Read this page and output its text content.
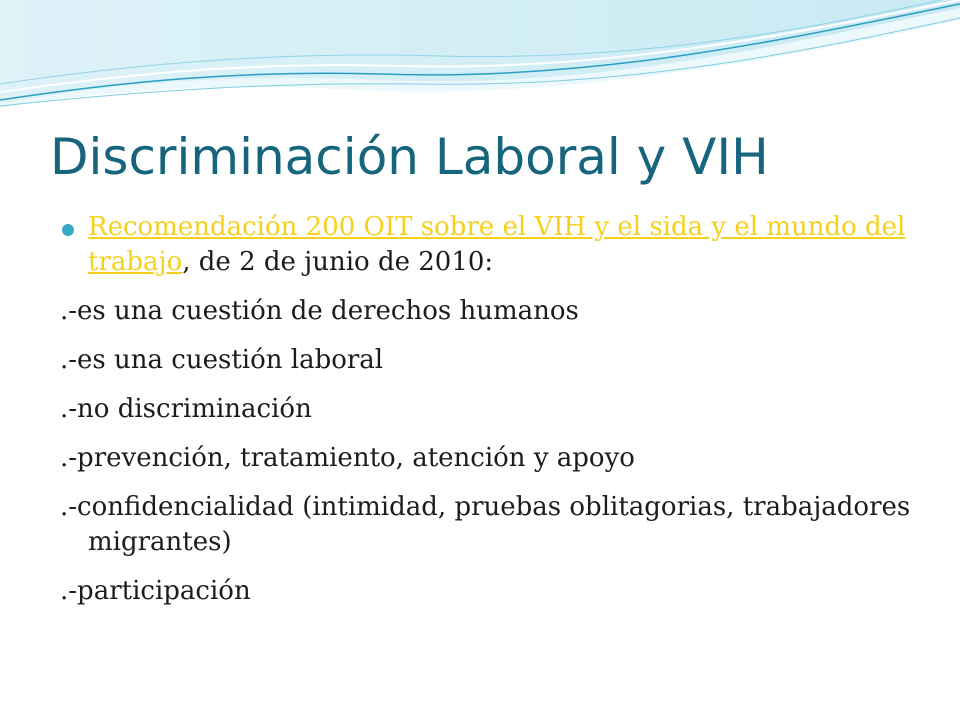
Discriminación Laboral y VIH

Recomendación 200 OIT sobre el VIH y el sida y el mundo del trabajo, de 2 de junio de 2010:

.-es una cuestión de derechos humanos

.-es una cuestión laboral

.-no discriminación

.-prevención, tratamiento, atención y apoyo

.-confidencialidad (intimidad, pruebas oblitagorias, trabajadores migrantes)

.-participación
